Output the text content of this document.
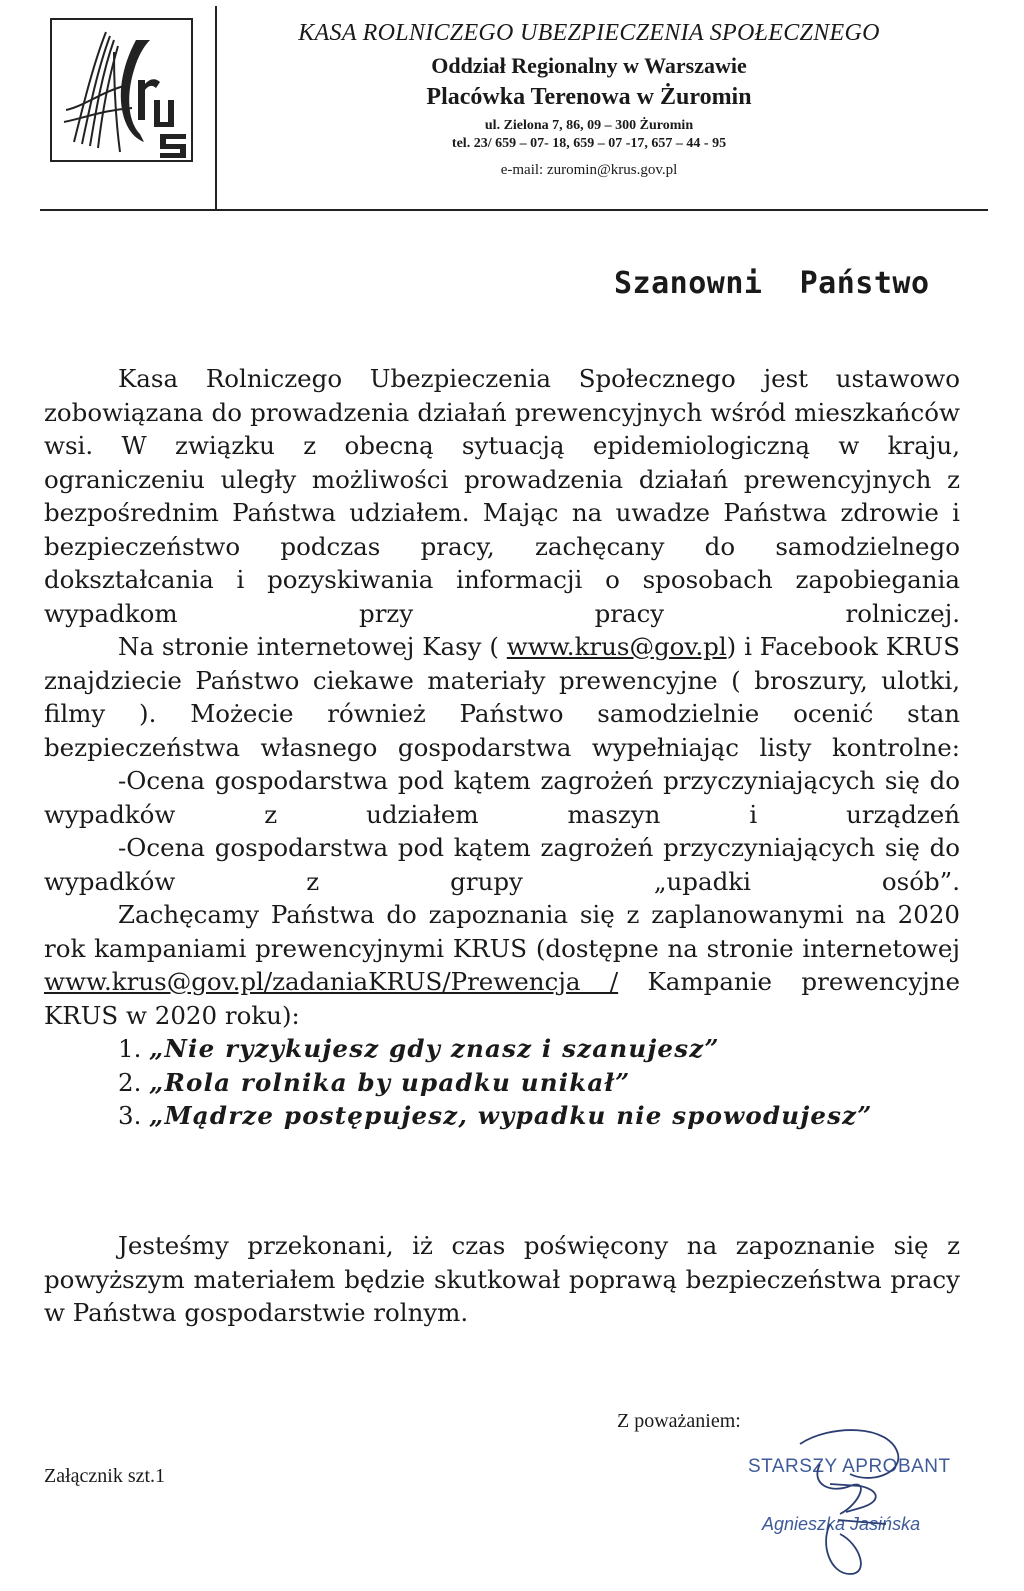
KASA ROLNICZEGO UBEZPIECZENIA SPOŁECZNEGO
Oddział Regionalny w Warszawie
Placówka Terenowa w Żuromin
ul. Zielona 7, 86, 09 – 300 Żuromin
tel. 23/ 659 – 07- 18, 659 – 07 -17, 657 – 44 - 95
e-mail: zuromin@krus.gov.pl
Szanowni  Państwo

Kasa Rolniczego Ubezpieczenia Społecznego jest ustawowo zobowiązana do prowadzenia działań prewencyjnych wśród mieszkańców wsi. W związku z obecną sytuacją epidemiologiczną w kraju, ograniczeniu uległy możliwości prowadzenia działań prewencyjnych z bezpośrednim Państwa udziałem. Mając na uwadze Państwa zdrowie i bezpieczeństwo podczas pracy, zachęcany do samodzielnego dokształcania i pozyskiwania informacji o sposobach zapobiegania wypadkom przy pracy rolniczej.

Na stronie internetowej Kasy ( www.krus@gov.pl) i Facebook KRUS znajdziecie Państwo ciekawe materiały prewencyjne ( broszury, ulotki, filmy ). Możecie również Państwo samodzielnie ocenić stan bezpieczeństwa własnego gospodarstwa wypełniając listy kontrolne:

-Ocena gospodarstwa pod kątem zagrożeń przyczyniających się do wypadków z udziałem maszyn i urządzeń

-Ocena gospodarstwa pod kątem zagrożeń przyczyniających się do wypadków z grupy „upadki osób”.

Zachęcamy Państwa do zapoznania się z zaplanowanymi na 2020 rok kampaniami prewencyjnymi KRUS (dostępne na stronie internetowej www.krus@gov.pl/zadaniaKRUS/Prewencja / Kampanie prewencyjne KRUS w 2020 roku):

1. „Nie ryzykujesz gdy znasz i szanujesz”
2. „Rola rolnika by upadku unikał”
3. „Mądrze postępujesz, wypadku nie spowodujesz”

Jesteśmy przekonani, iż czas poświęcony na zapoznanie się z powyższym materiałem będzie skutkował poprawą bezpieczeństwa pracy w Państwa gospodarstwie rolnym.

Z poważaniem:
Załącznik szt.1	STARSZY APROBANT
Agnieszka Jasińska
